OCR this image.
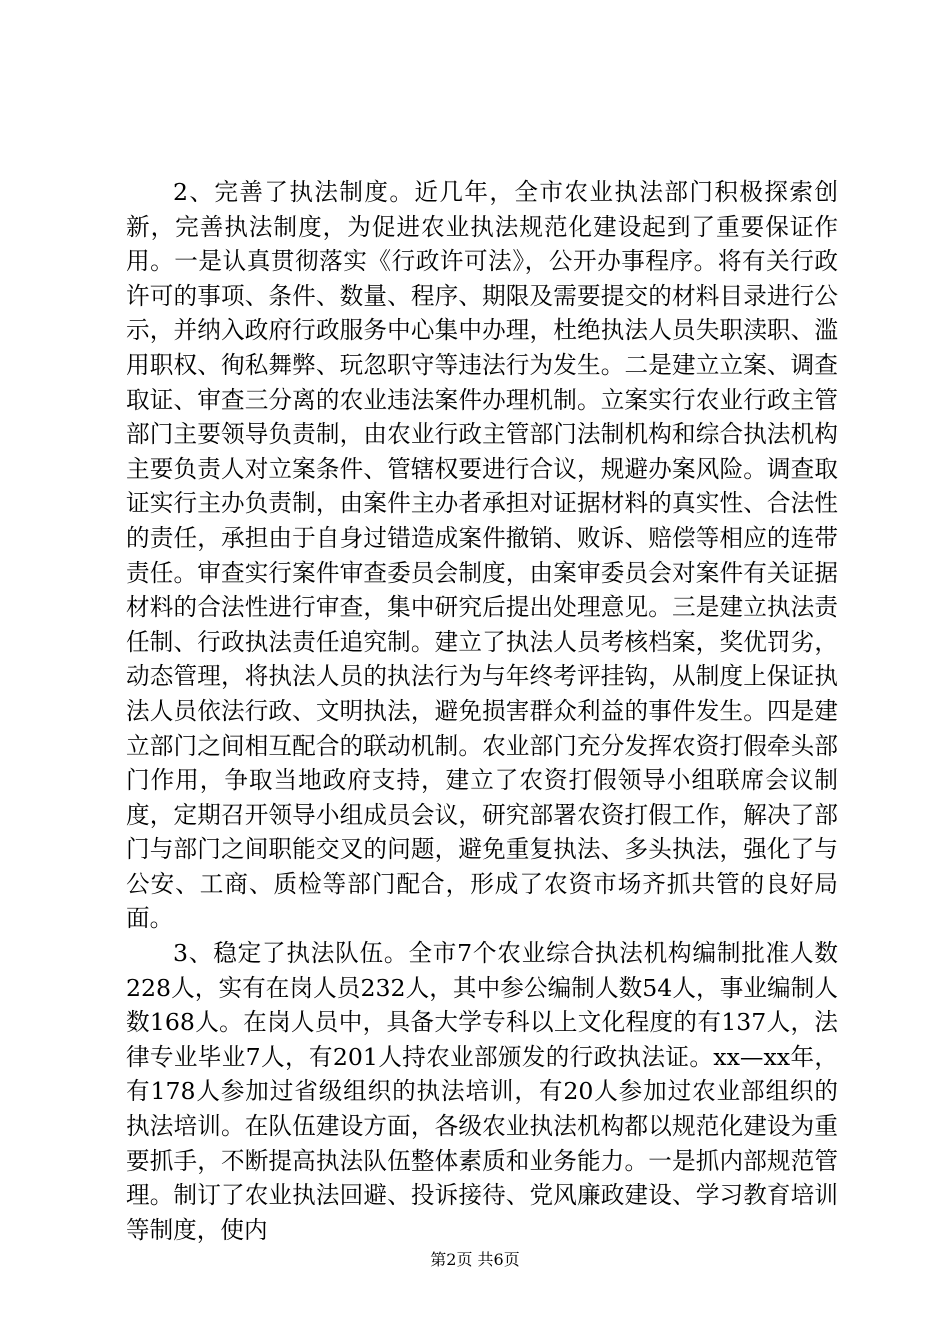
2、完善了执法制度。近几年，全市农业执法部门积极探索创新，完善执法制度，为促进农业执法规范化建设起到了重要保证作用。一是认真贯彻落实《行政许可法》，公开办事程序。将有关行政许可的事项、条件、数量、程序、期限及需要提交的材料目录进行公示，并纳入政府行政服务中心集中办理，杜绝执法人员失职渎职、滥用职权、徇私舞弊、玩忽职守等违法行为发生。二是建立立案、调查取证、审查三分离的农业违法案件办理机制。立案实行农业行政主管部门主要领导负责制，由农业行政主管部门法制机构和综合执法机构主要负责人对立案条件、管辖权要进行合议，规避办案风险。调查取证实行主办负责制，由案件主办者承担对证据材料的真实性、合法性的责任，承担由于自身过错造成案件撤销、败诉、赔偿等相应的连带责任。审查实行案件审查委员会制度，由案审委员会对案件有关证据材料的合法性进行审查，集中研究后提出处理意见。三是建立执法责任制、行政执法责任追究制。建立了执法人员考核档案，奖优罚劣，动态管理，将执法人员的执法行为与年终考评挂钩，从制度上保证执法人员依法行政、文明执法，避免损害群众利益的事件发生。四是建立部门之间相互配合的联动机制。农业部门充分发挥农资打假牵头部门作用，争取当地政府支持，建立了农资打假领导小组联席会议制度，定期召开领导小组成员会议，研究部署农资打假工作，解决了部门与部门之间职能交叉的问题，避免重复执法、多头执法，强化了与公安、工商、质检等部门配合，形成了农资市场齐抓共管的良好局面。

3、稳定了执法队伍。全市7个农业综合执法机构编制批准人数228人，实有在岗人员232人，其中参公编制人数54人，事业编制人数168人。在岗人员中，具备大学专科以上文化程度的有137人，法律专业毕业7人，有201人持农业部颁发的行政执法证。xx—xx年，有178人参加过省级组织的执法培训，有20人参加过农业部组织的执法培训。在队伍建设方面，各级农业执法机构都以规范化建设为重要抓手，不断提高执法队伍整体素质和业务能力。一是抓内部规范管理。制订了农业执法回避、投诉接待、党风廉政建设、学习教育培训等制度，使内

第2页 共6页
